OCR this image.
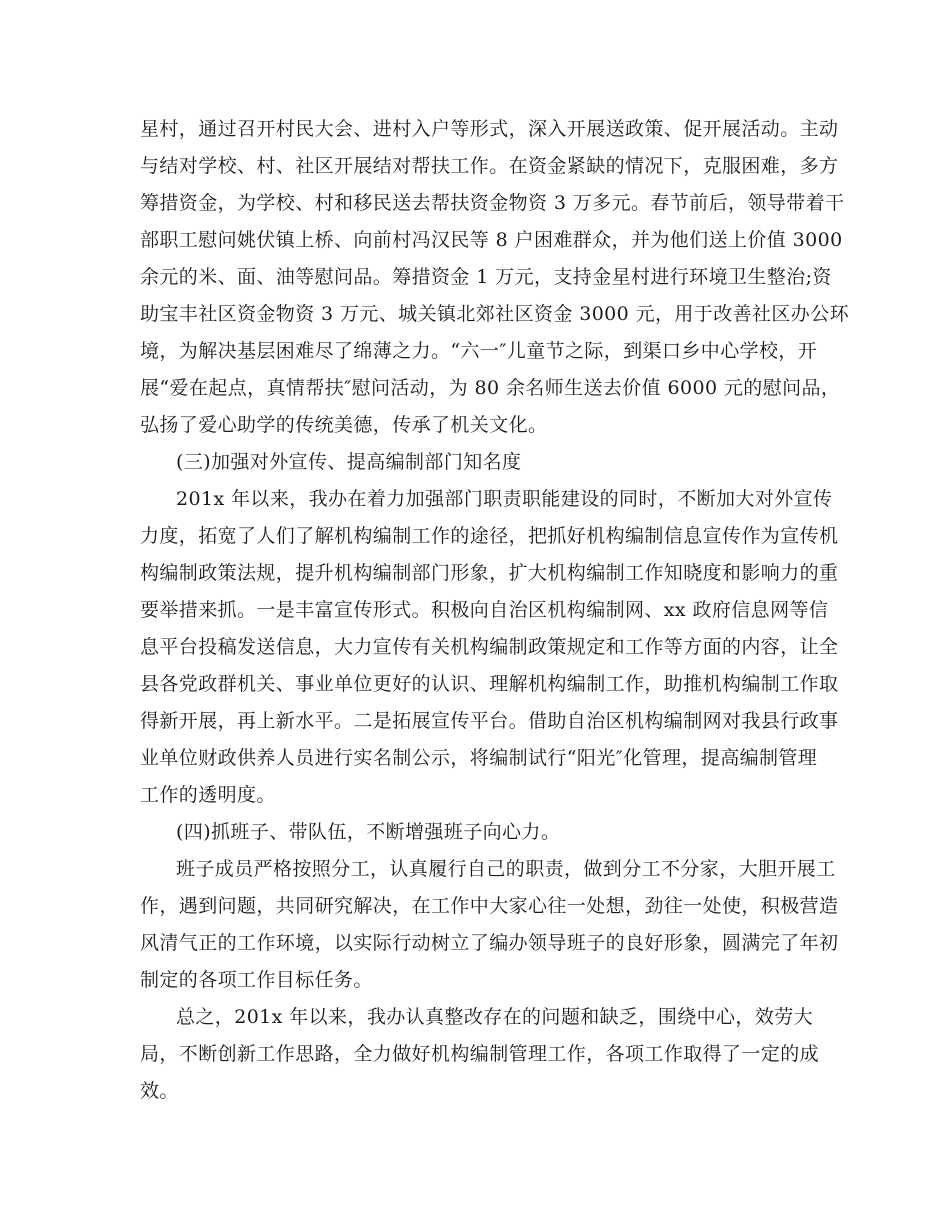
星村，通过召开村民大会、进村入户等形式，深入开展送政策、促开展活动。主动

与结对学校、村、社区开展结对帮扶工作。在资金紧缺的情况下，克服困难，多方

筹措资金，为学校、村和移民送去帮扶资金物资 3 万多元。春节前后，领导带着干

部职工慰问姚伏镇上桥、向前村冯汉民等 8 户困难群众，并为他们送上价值 3000

余元的米、面、油等慰问品。筹措资金 1 万元，支持金星村进行环境卫生整治;资

助宝丰社区资金物资 3 万元、城关镇北郊社区资金 3000 元，用于改善社区办公环

境，为解决基层困难尽了绵薄之力。“六一″儿童节之际，到渠口乡中心学校，开

展“爱在起点，真情帮扶″慰问活动，为 80 余名师生送去价值 6000 元的慰问品，

弘扬了爱心助学的传统美德，传承了机关文化。

(三)加强对外宣传、提高编制部门知名度

201x 年以来，我办在着力加强部门职责职能建设的同时，不断加大对外宣传

力度，拓宽了人们了解机构编制工作的途径，把抓好机构编制信息宣传作为宣传机

构编制政策法规，提升机构编制部门形象，扩大机构编制工作知晓度和影响力的重

要举措来抓。一是丰富宣传形式。积极向自治区机构编制网、xx 政府信息网等信

息平台投稿发送信息，大力宣传有关机构编制政策规定和工作等方面的内容，让全

县各党政群机关、事业单位更好的认识、理解机构编制工作，助推机构编制工作取

得新开展，再上新水平。二是拓展宣传平台。借助自治区机构编制网对我县行政事

业单位财政供养人员进行实名制公示，将编制试行“阳光″化管理，提高编制管理

工作的透明度。

(四)抓班子、带队伍，不断增强班子向心力。

班子成员严格按照分工，认真履行自己的职责，做到分工不分家，大胆开展工

作，遇到问题，共同研究解决，在工作中大家心往一处想，劲往一处使，积极营造

风清气正的工作环境，以实际行动树立了编办领导班子的良好形象，圆满完了年初

制定的各项工作目标任务。

总之，201x 年以来，我办认真整改存在的问题和缺乏，围绕中心，效劳大

局，不断创新工作思路，全力做好机构编制管理工作，各项工作取得了一定的成

效。
